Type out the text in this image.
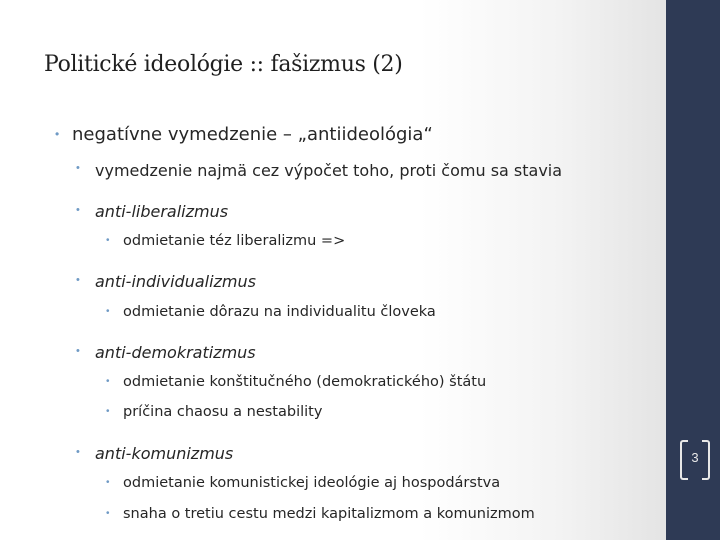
Politické ideológie :: fašizmus (2)
• negatívne vymedzenie – „antiideológia“
• vymedzenie najmä cez výpočet toho, proti čomu sa stavia
• anti-liberalizmus
• odmietanie téz liberalizmu =>
• anti-individualizmus
• odmietanie dôrazu na individualitu človeka
• anti-demokratizmus
• odmietanie konštitučného (demokratického) štátu
• príčina chaosu a nestability
• anti-komunizmus
• odmietanie komunistickej ideológie aj hospodárstva
• snaha o tretiu cestu medzi kapitalizmom a komunizmom
3
